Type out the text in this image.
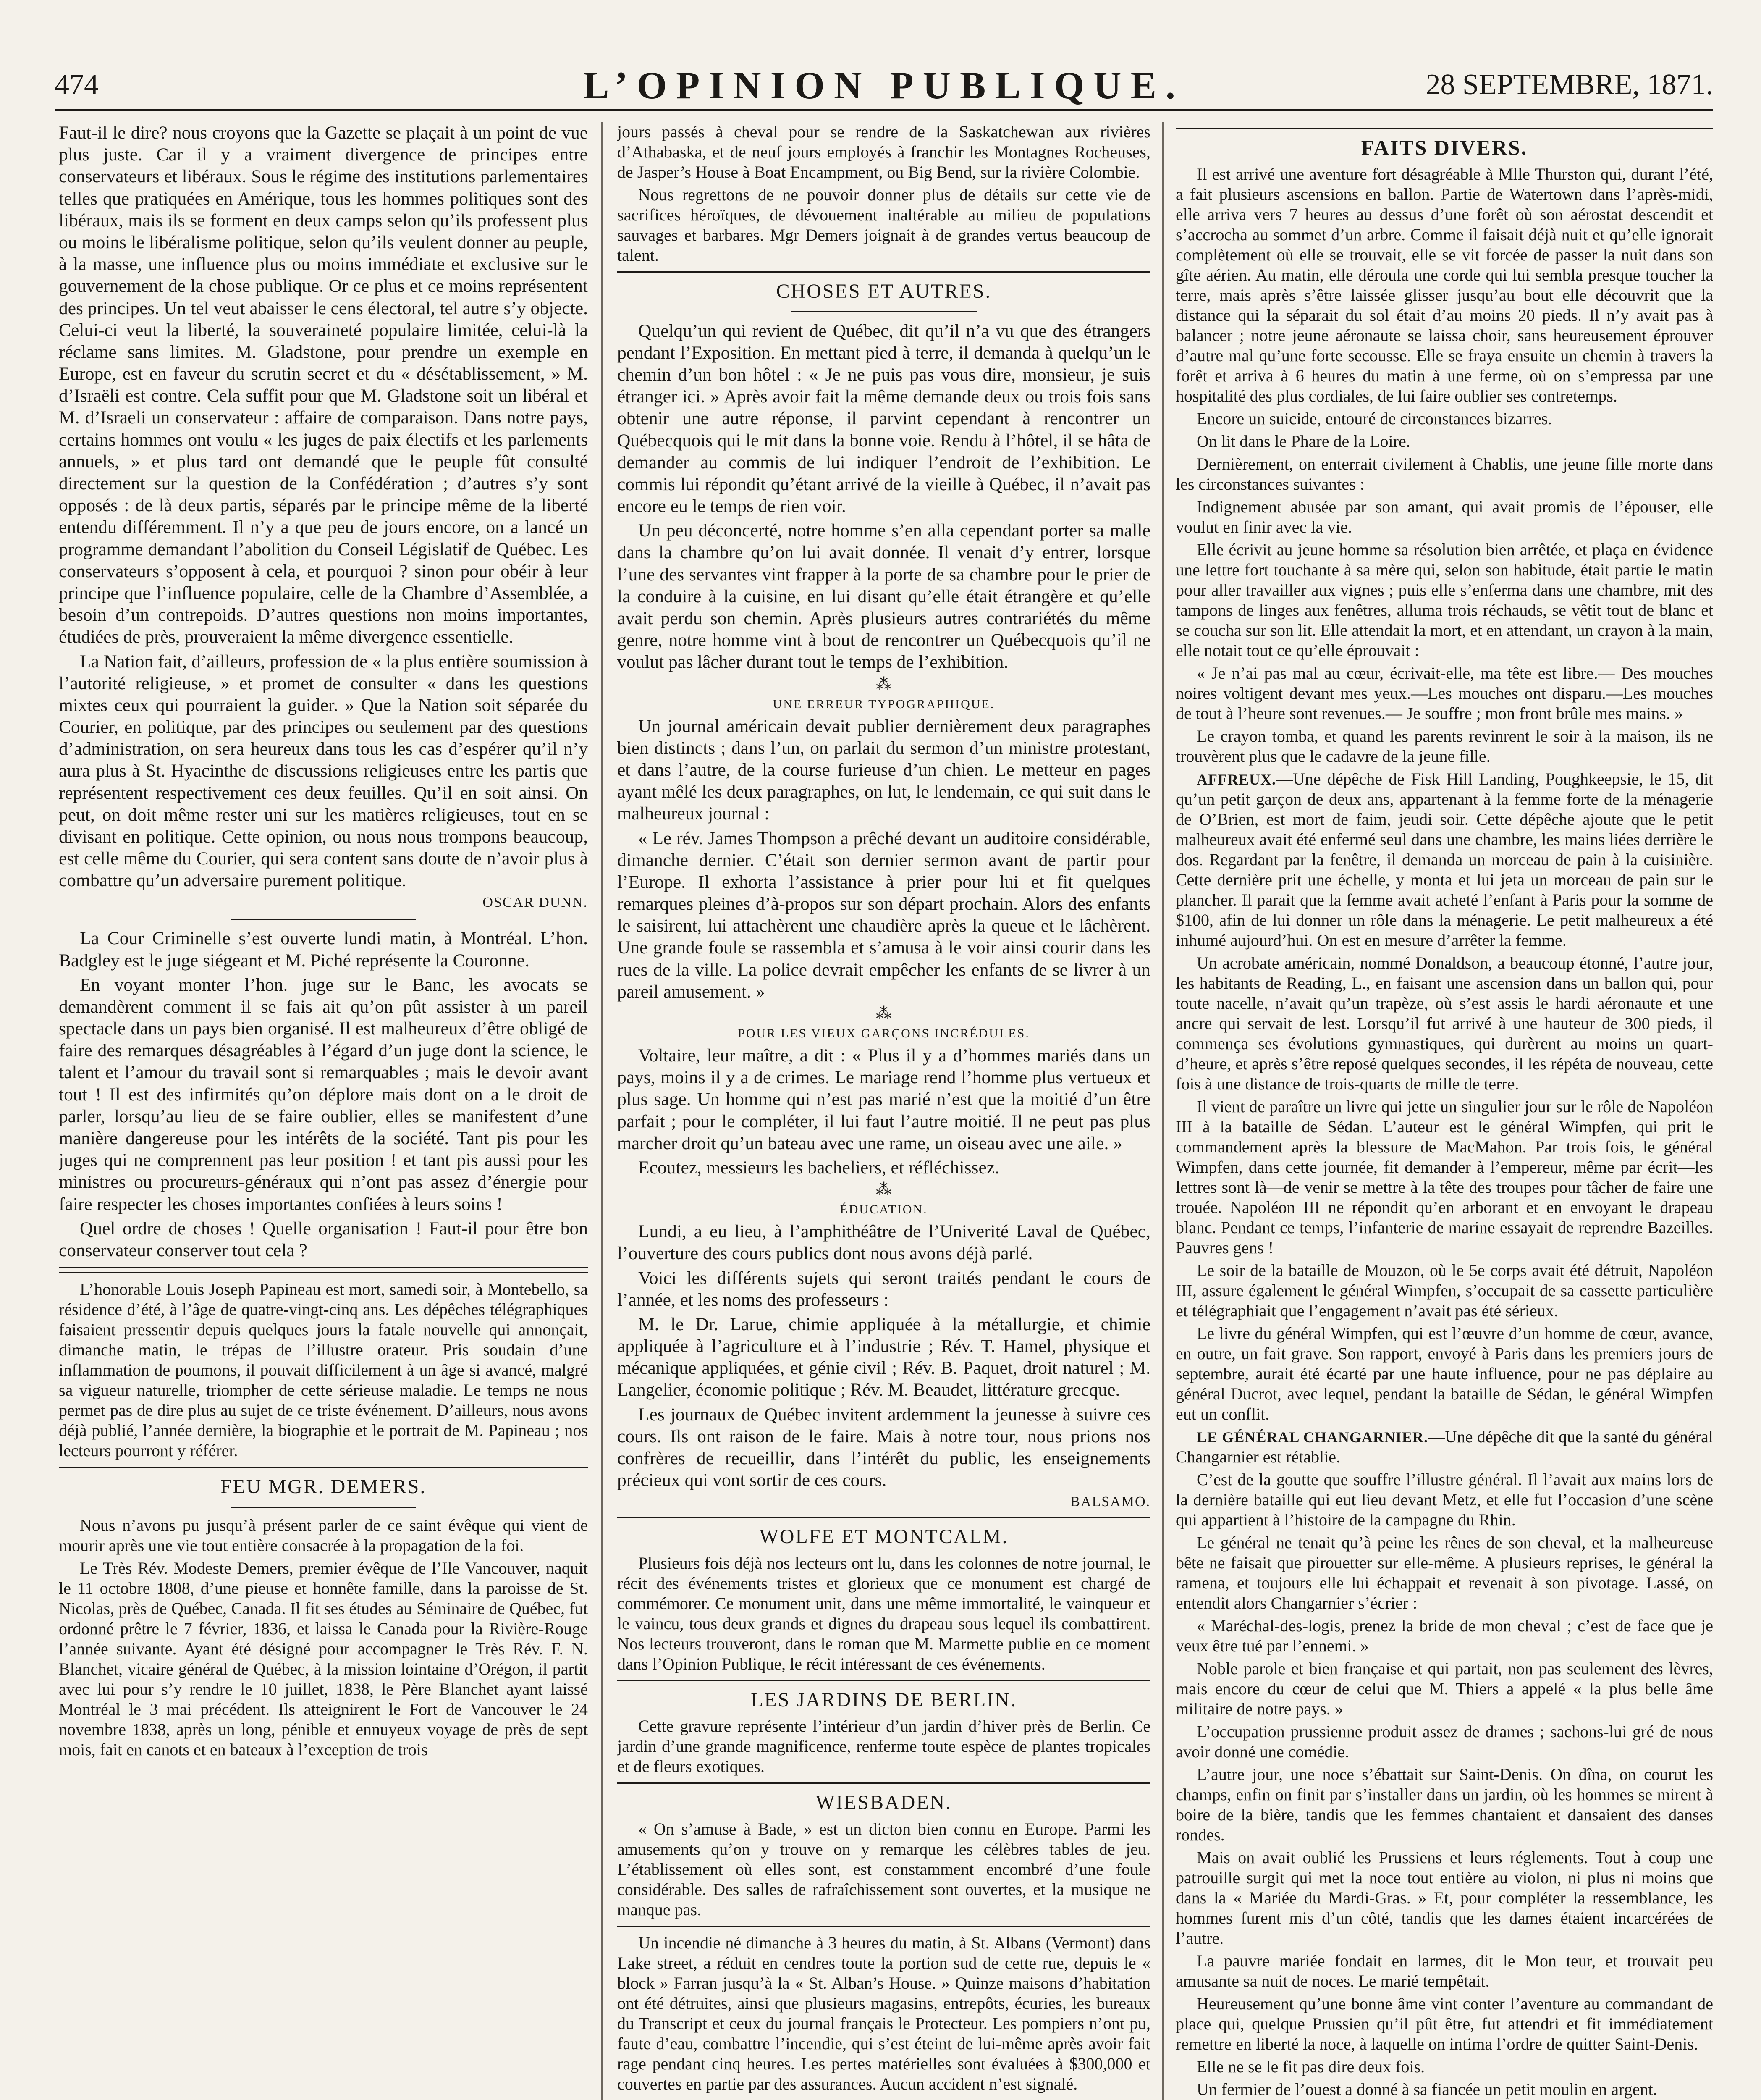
474	L’OPINION PUBLIQUE.	28 SEPTEMBRE, 1871.

Faut-il le dire? nous croyons que la Gazette se plaçait à un point de vue plus juste. Car il y a vraiment divergence de principes entre conservateurs et libéraux. Sous le régime des institutions parlementaires telles que pratiquées en Amérique, tous les hommes politiques sont des libéraux, mais ils se forment en deux camps selon qu’ils professent plus ou moins le libéralisme politique, selon qu’ils veulent donner au peuple, à la masse, une influence plus ou moins immédiate et exclusive sur le gouvernement de la chose publique. Or ce plus et ce moins représentent des principes. Un tel veut abaisser le cens électoral, tel autre s’y objecte. Celui-ci veut la liberté, la souveraineté populaire limitée, celui-là la réclame sans limites. M. Gladstone, pour prendre un exemple en Europe, est en faveur du scrutin secret et du « désétablissement, » M. d’Israëli est contre. Cela suffit pour que M. Gladstone soit un libéral et M. d’Israeli un conservateur : affaire de comparaison. Dans notre pays, certains hommes ont voulu « les juges de paix électifs et les parlements annuels, » et plus tard ont demandé que le peuple fût consulté directement sur la question de la Confédération ; d’autres s’y sont opposés : de là deux partis, séparés par le principe même de la liberté entendu différemment. Il n’y a que peu de jours encore, on a lancé un programme demandant l’abolition du Conseil Législatif de Québec. Les conservateurs s’opposent à cela, et pourquoi ? sinon pour obéir à leur principe que l’influence populaire, celle de la Chambre d’Assemblée, a besoin d’un contrepoids. D’autres questions non moins importantes, étudiées de près, prouveraient la même divergence essentielle.

La Nation fait, d’ailleurs, profession de « la plus entière soumission à l’autorité religieuse, » et promet de consulter « dans les questions mixtes ceux qui pourraient la guider. » Que la Nation soit séparée du Courier, en politique, par des principes ou seulement par des questions d’administration, on sera heureux dans tous les cas d’espérer qu’il n’y aura plus à St. Hyacinthe de discussions religieuses entre les partis que représentent respectivement ces deux feuilles. Qu’il en soit ainsi. On peut, on doit même rester uni sur les matières religieuses, tout en se divisant en politique. Cette opinion, ou nous nous trompons beaucoup, est celle même du Courier, qui sera content sans doute de n’avoir plus à combattre qu’un adversaire purement politique.

OSCAR DUNN.

La Cour Criminelle s’est ouverte lundi matin, à Montréal. L’hon. Badgley est le juge siégeant et M. Piché représente la Couronne.

En voyant monter l’hon. juge sur le Banc, les avocats se demandèrent comment il se fais ait qu’on pût assister à un pareil spectacle dans un pays bien organisé. Il est malheureux d’être obligé de faire des remarques désagréables à l’égard d’un juge dont la science, le talent et l’amour du travail sont si remarquables ; mais le devoir avant tout ! Il est des infirmités qu’on déplore mais dont on a le droit de parler, lorsqu’au lieu de se faire oublier, elles se manifestent d’une manière dangereuse pour les intérêts de la société. Tant pis pour les juges qui ne comprennent pas leur position ! et tant pis aussi pour les ministres ou procureurs-généraux qui n’ont pas assez d’énergie pour faire respecter les choses importantes confiées à leurs soins !

Quel ordre de choses ! Quelle organisation ! Faut-il pour être bon conservateur conserver tout cela ?

L’honorable Louis Joseph Papineau est mort, samedi soir, à Montebello, sa résidence d’été, à l’âge de quatre-vingt-cinq ans. Les dépêches télégraphiques faisaient pressentir depuis quelques jours la fatale nouvelle qui annonçait, dimanche matin, le trépas de l’illustre orateur. Pris soudain d’une inflammation de poumons, il pouvait difficilement à un âge si avancé, malgré sa vigueur naturelle, triompher de cette sérieuse maladie. Le temps ne nous permet pas de dire plus au sujet de ce triste événement. D’ailleurs, nous avons déjà publié, l’année dernière, la biographie et le portrait de M. Papineau ; nos lecteurs pourront y référer.

FEU MGR. DEMERS.

Nous n’avons pu jusqu’à présent parler de ce saint évêque qui vient de mourir après une vie tout entière consacrée à la propagation de la foi.

Le Très Rév. Modeste Demers, premier évêque de l’Ile Vancouver, naquit le 11 octobre 1808, d’une pieuse et honnête famille, dans la paroisse de St. Nicolas, près de Québec, Canada. Il fit ses études au Séminaire de Québec, fut ordonné prêtre le 7 février, 1836, et laissa le Canada pour la Rivière-Rouge l’année suivante. Ayant été désigné pour accompagner le Très Rév. F. N. Blanchet, vicaire général de Québec, à la mission lointaine d’Orégon, il partit avec lui pour s’y rendre le 10 juillet, 1838, le Père Blanchet ayant laissé Montréal le 3 mai précédent. Ils atteignirent le Fort de Vancouver le 24 novembre 1838, après un long, pénible et ennuyeux voyage de près de sept mois, fait en canots et en bateaux à l’exception de trois

jours passés à cheval pour se rendre de la Saskatchewan aux rivières d’Athabaska, et de neuf jours employés à franchir les Montagnes Rocheuses, de Jasper’s House à Boat Encampment, ou Big Bend, sur la rivière Colombie.

Nous regrettons de ne pouvoir donner plus de détails sur cette vie de sacrifices héroïques, de dévouement inaltérable au milieu de populations sauvages et barbares. Mgr Demers joignait à de grandes vertus beaucoup de talent.

CHOSES ET AUTRES.

Quelqu’un qui revient de Québec, dit qu’il n’a vu que des étrangers pendant l’Exposition. En mettant pied à terre, il demanda à quelqu’un le chemin d’un bon hôtel : « Je ne puis pas vous dire, monsieur, je suis étranger ici. » Après avoir fait la même demande deux ou trois fois sans obtenir une autre réponse, il parvint cependant à rencontrer un Québecquois qui le mit dans la bonne voie. Rendu à l’hôtel, il se hâta de demander au commis de lui indiquer l’endroit de l’exhibition. Le commis lui répondit qu’étant arrivé de la vieille à Québec, il n’avait pas encore eu le temps de rien voir.

Un peu déconcerté, notre homme s’en alla cependant porter sa malle dans la chambre qu’on lui avait donnée. Il venait d’y entrer, lorsque l’une des servantes vint frapper à la porte de sa chambre pour le prier de la conduire à la cuisine, en lui disant qu’elle était étrangère et qu’elle avait perdu son chemin. Après plusieurs autres contrariétés du même genre, notre homme vint à bout de rencontrer un Québecquois qu’il ne voulut pas lâcher durant tout le temps de l’exhibition.

⁂
UNE ERREUR TYPOGRAPHIQUE.

Un journal américain devait publier dernièrement deux paragraphes bien distincts ; dans l’un, on parlait du sermon d’un ministre protestant, et dans l’autre, de la course furieuse d’un chien. Le metteur en pages ayant mêlé les deux paragraphes, on lut, le lendemain, ce qui suit dans le malheureux journal :

« Le rév. James Thompson a prêché devant un auditoire considérable, dimanche dernier. C’était son dernier sermon avant de partir pour l’Europe. Il exhorta l’assistance à prier pour lui et fit quelques remarques pleines d’à-propos sur son départ prochain. Alors des enfants le saisirent, lui attachèrent une chaudière après la queue et le lâchèrent. Une grande foule se rassembla et s’amusa à le voir ainsi courir dans les rues de la ville. La police devrait empêcher les enfants de se livrer à un pareil amusement. »

⁂
POUR LES VIEUX GARÇONS INCRÉDULES.

Voltaire, leur maître, a dit : « Plus il y a d’hommes mariés dans un pays, moins il y a de crimes. Le mariage rend l’homme plus vertueux et plus sage. Un homme qui n’est pas marié n’est que la moitié d’un être parfait ; pour le compléter, il lui faut l’autre moitié. Il ne peut pas plus marcher droit qu’un bateau avec une rame, un oiseau avec une aile. »

Ecoutez, messieurs les bacheliers, et réfléchissez.

⁂
ÉDUCATION.

Lundi, a eu lieu, à l’amphithéâtre de l’Univerité Laval de Québec, l’ouverture des cours publics dont nous avons déjà parlé.

Voici les différents sujets qui seront traités pendant le cours de l’année, et les noms des professeurs :

M. le Dr. Larue, chimie appliquée à la métallurgie, et chimie appliquée à l’agriculture et à l’industrie ; Rév. T. Hamel, physique et mécanique appliquées, et génie civil ; Rév. B. Paquet, droit naturel ; M. Langelier, économie politique ; Rév. M. Beaudet, littérature grecque.

Les journaux de Québec invitent ardemment la jeunesse à suivre ces cours. Ils ont raison de le faire. Mais à notre tour, nous prions nos confrères de recueillir, dans l’intérêt du public, les enseignements précieux qui vont sortir de ces cours.

BALSAMO.
WOLFE ET MONTCALM.

Plusieurs fois déjà nos lecteurs ont lu, dans les colonnes de notre journal, le récit des événements tristes et glorieux que ce monument est chargé de commémorer. Ce monument unit, dans une même immortalité, le vainqueur et le vaincu, tous deux grands et dignes du drapeau sous lequel ils combattirent. Nos lecteurs trouveront, dans le roman que M. Marmette publie en ce moment dans l’Opinion Publique, le récit intéressant de ces événements.

LES JARDINS DE BERLIN.

Cette gravure représente l’intérieur d’un jardin d’hiver près de Berlin. Ce jardin d’une grande magnificence, renferme toute espèce de plantes tropicales et de fleurs exotiques.

WIESBADEN.

« On s’amuse à Bade, » est un dicton bien connu en Europe. Parmi les amusements qu’on y trouve on y remarque les célèbres tables de jeu. L’établissement où elles sont, est constamment encombré d’une foule considérable. Des salles de rafraîchissement sont ouvertes, et la musique ne manque pas.

Un incendie né dimanche à 3 heures du matin, à St. Albans (Vermont) dans Lake street, a réduit en cendres toute la portion sud de cette rue, depuis le « block » Farran jusqu’à la « St. Alban’s House. » Quinze maisons d’habitation ont été détruites, ainsi que plusieurs magasins, entrepôts, écuries, les bureaux du Transcript et ceux du journal français le Protecteur. Les pompiers n’ont pu, faute d’eau, combattre l’incendie, qui s’est éteint de lui-même après avoir fait rage pendant cinq heures. Les pertes matérielles sont évaluées à $300,000 et couvertes en partie par des assurances. Aucun accident n’est signalé.

FAITS DIVERS.

Il est arrivé une aventure fort désagréable à Mlle Thurston qui, durant l’été, a fait plusieurs ascensions en ballon. Partie de Watertown dans l’après-midi, elle arriva vers 7 heures au dessus d’une forêt où son aérostat descendit et s’accrocha au sommet d’un arbre. Comme il faisait déjà nuit et qu’elle ignorait complètement où elle se trouvait, elle se vit forcée de passer la nuit dans son gîte aérien. Au matin, elle déroula une corde qui lui sembla presque toucher la terre, mais après s’être laissée glisser jusqu’au bout elle découvrit que la distance qui la séparait du sol était d’au moins 20 pieds. Il n’y avait pas à balancer ; notre jeune aéronaute se laissa choir, sans heureusement éprouver d’autre mal qu’une forte secousse. Elle se fraya ensuite un chemin à travers la forêt et arriva à 6 heures du matin à une ferme, où on s’empressa par une hospitalité des plus cordiales, de lui faire oublier ses contretemps.

Encore un suicide, entouré de circonstances bizarres.

On lit dans le Phare de la Loire.

Dernièrement, on enterrait civilement à Chablis, une jeune fille morte dans les circonstances suivantes :

Indignement abusée par son amant, qui avait promis de l’épouser, elle voulut en finir avec la vie.

Elle écrivit au jeune homme sa résolution bien arrêtée, et plaça en évidence une lettre fort touchante à sa mère qui, selon son habitude, était partie le matin pour aller travailler aux vignes ; puis elle s’enferma dans une chambre, mit des tampons de linges aux fenêtres, alluma trois réchauds, se vêtit tout de blanc et se coucha sur son lit. Elle attendait la mort, et en attendant, un crayon à la main, elle notait tout ce qu’elle éprouvait :

« Je n’ai pas mal au cœur, écrivait-elle, ma tête est libre.— Des mouches noires voltigent devant mes yeux.—Les mouches ont disparu.—Les mouches de tout à l’heure sont revenues.— Je souffre ; mon front brûle mes mains. »

Le crayon tomba, et quand les parents revinrent le soir à la maison, ils ne trouvèrent plus que le cadavre de la jeune fille.

AFFREUX.—Une dépêche de Fisk Hill Landing, Poughkeepsie, le 15, dit qu’un petit garçon de deux ans, appartenant à la femme forte de la ménagerie de O’Brien, est mort de faim, jeudi soir. Cette dépêche ajoute que le petit malheureux avait été enfermé seul dans une chambre, les mains liées derrière le dos. Regardant par la fenêtre, il demanda un morceau de pain à la cuisinière. Cette dernière prit une échelle, y monta et lui jeta un morceau de pain sur le plancher. Il parait que la femme avait acheté l’enfant à Paris pour la somme de $100, afin de lui donner un rôle dans la ménagerie. Le petit malheureux a été inhumé aujourd’hui. On est en mesure d’arrêter la femme.

Un acrobate américain, nommé Donaldson, a beaucoup étonné, l’autre jour, les habitants de Reading, L., en faisant une ascension dans un ballon qui, pour toute nacelle, n’avait qu’un trapèze, où s’est assis le hardi aéronaute et une ancre qui servait de lest. Lorsqu’il fut arrivé à une hauteur de 300 pieds, il commença ses évolutions gymnastiques, qui durèrent au moins un quart-d’heure, et après s’être reposé quelques secondes, il les répéta de nouveau, cette fois à une distance de trois-quarts de mille de terre.

Il vient de paraître un livre qui jette un singulier jour sur le rôle de Napoléon III à la bataille de Sédan. L’auteur est le général Wimpfen, qui prit le commandement après la blessure de MacMahon. Par trois fois, le général Wimpfen, dans cette journée, fit demander à l’empereur, même par écrit—les lettres sont là—de venir se mettre à la tête des troupes pour tâcher de faire une trouée. Napoléon III ne répondit qu’en arborant et en envoyant le drapeau blanc. Pendant ce temps, l’infanterie de marine essayait de reprendre Bazeilles. Pauvres gens !

Le soir de la bataille de Mouzon, où le 5e corps avait été détruit, Napoléon III, assure également le général Wimpfen, s’occupait de sa cassette particulière et télégraphiait que l’engagement n’avait pas été sérieux.

Le livre du général Wimpfen, qui est l’œuvre d’un homme de cœur, avance, en outre, un fait grave. Son rapport, envoyé à Paris dans les premiers jours de septembre, aurait été écarté par une haute influence, pour ne pas déplaire au général Ducrot, avec lequel, pendant la bataille de Sédan, le général Wimpfen eut un conflit.

LE GÉNÉRAL CHANGARNIER.—Une dépêche dit que la santé du général Changarnier est rétablie.

C’est de la goutte que souffre l’illustre général. Il l’avait aux mains lors de la dernière bataille qui eut lieu devant Metz, et elle fut l’occasion d’une scène qui appartient à l’histoire de la campagne du Rhin.

Le général ne tenait qu’à peine les rênes de son cheval, et la malheureuse bête ne faisait que pirouetter sur elle-même. A plusieurs reprises, le général la ramena, et toujours elle lui échappait et revenait à son pivotage. Lassé, on entendit alors Changarnier s’écrier :

« Maréchal-des-logis, prenez la bride de mon cheval ; c’est de face que je veux être tué par l’ennemi. »

Noble parole et bien française et qui partait, non pas seulement des lèvres, mais encore du cœur de celui que M. Thiers a appelé « la plus belle âme militaire de notre pays. »

L’occupation prussienne produit assez de drames ; sachons-lui gré de nous avoir donné une comédie.

L’autre jour, une noce s’ébattait sur Saint-Denis. On dîna, on courut les champs, enfin on finit par s’installer dans un jardin, où les hommes se mirent à boire de la bière, tandis que les femmes chantaient et dansaient des danses rondes.

Mais on avait oublié les Prussiens et leurs réglements. Tout à coup une patrouille surgit qui met la noce tout entière au violon, ni plus ni moins que dans la « Mariée du Mardi-Gras. » Et, pour compléter la ressemblance, les hommes furent mis d’un côté, tandis que les dames étaient incarcérées de l’autre.

La pauvre mariée fondait en larmes, dit le Mon teur, et trouvait peu amusante sa nuit de noces. Le marié tempêtait.

Heureusement qu’une bonne âme vint conter l’aventure au commandant de place qui, quelque Prussien qu’il pût être, fut attendri et fit immédiatement remettre en liberté la noce, à laquelle on intima l’ordre de quitter Saint-Denis.

Elle ne se le fit pas dire deux fois.

Un fermier de l’ouest a donné à sa fiancée un petit moulin en argent.
